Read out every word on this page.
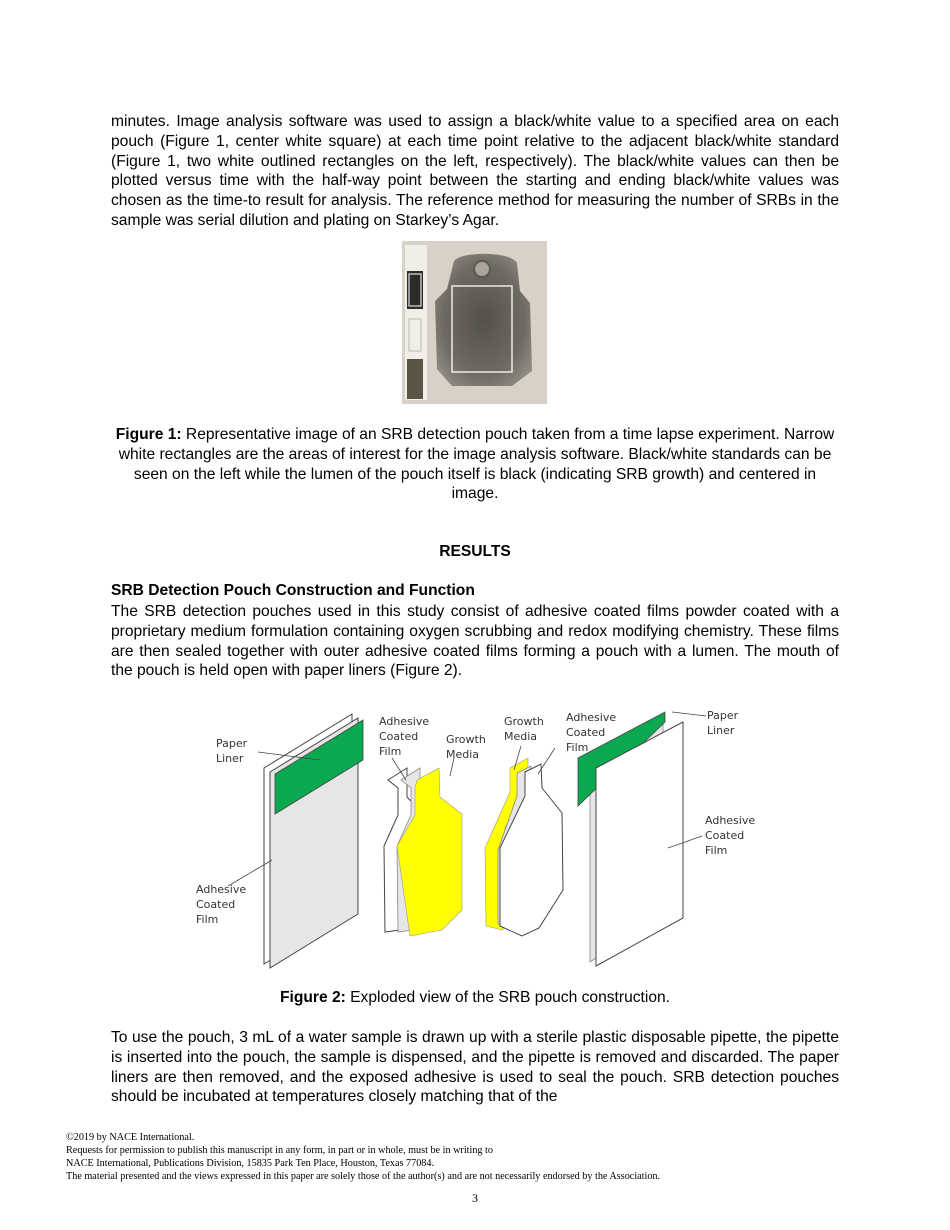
minutes. Image analysis software was used to assign a black/white value to a specified area on each pouch (Figure 1, center white square) at each time point relative to the adjacent black/white standard (Figure 1, two white outlined rectangles on the left, respectively). The black/white values can then be plotted versus time with the half-way point between the starting and ending black/white values was chosen as the time-to result for analysis. The reference method for measuring the number of SRBs in the sample was serial dilution and plating on Starkey’s Agar.

Figure 1: Representative image of an SRB detection pouch taken from a time lapse experiment. Narrow white rectangles are the areas of interest for the image analysis software. Black/white standards can be seen on the left while the lumen of the pouch itself is black (indicating SRB growth) and centered in image.

RESULTS
SRB Detection Pouch Construction and Function

The SRB detection pouches used in this study consist of adhesive coated films powder coated with a proprietary medium formulation containing oxygen scrubbing and redox modifying chemistry. These films are then sealed together with outer adhesive coated films forming a pouch with a lumen. The mouth of the pouch is held open with paper liners (Figure 2).

Paper Liner
Adhesive Coated Film
Adhesive Coated Film
Growth Media
Growth Media
Adhesive Coated Film
Paper Liner
Adhesive Coated Film

Figure 2: Exploded view of the SRB pouch construction.

To use the pouch, 3 mL of a water sample is drawn up with a sterile plastic disposable pipette, the pipette is inserted into the pouch, the sample is dispensed, and the pipette is removed and discarded. The paper liners are then removed, and the exposed adhesive is used to seal the pouch. SRB detection pouches should be incubated at temperatures closely matching that of the

©2019 by NACE International.
Requests for permission to publish this manuscript in any form, in part or in whole, must be in writing to
NACE International, Publications Division, 15835 Park Ten Place, Houston, Texas 77084.
The material presented and the views expressed in this paper are solely those of the author(s) and are not necessarily endorsed by the Association.
3
